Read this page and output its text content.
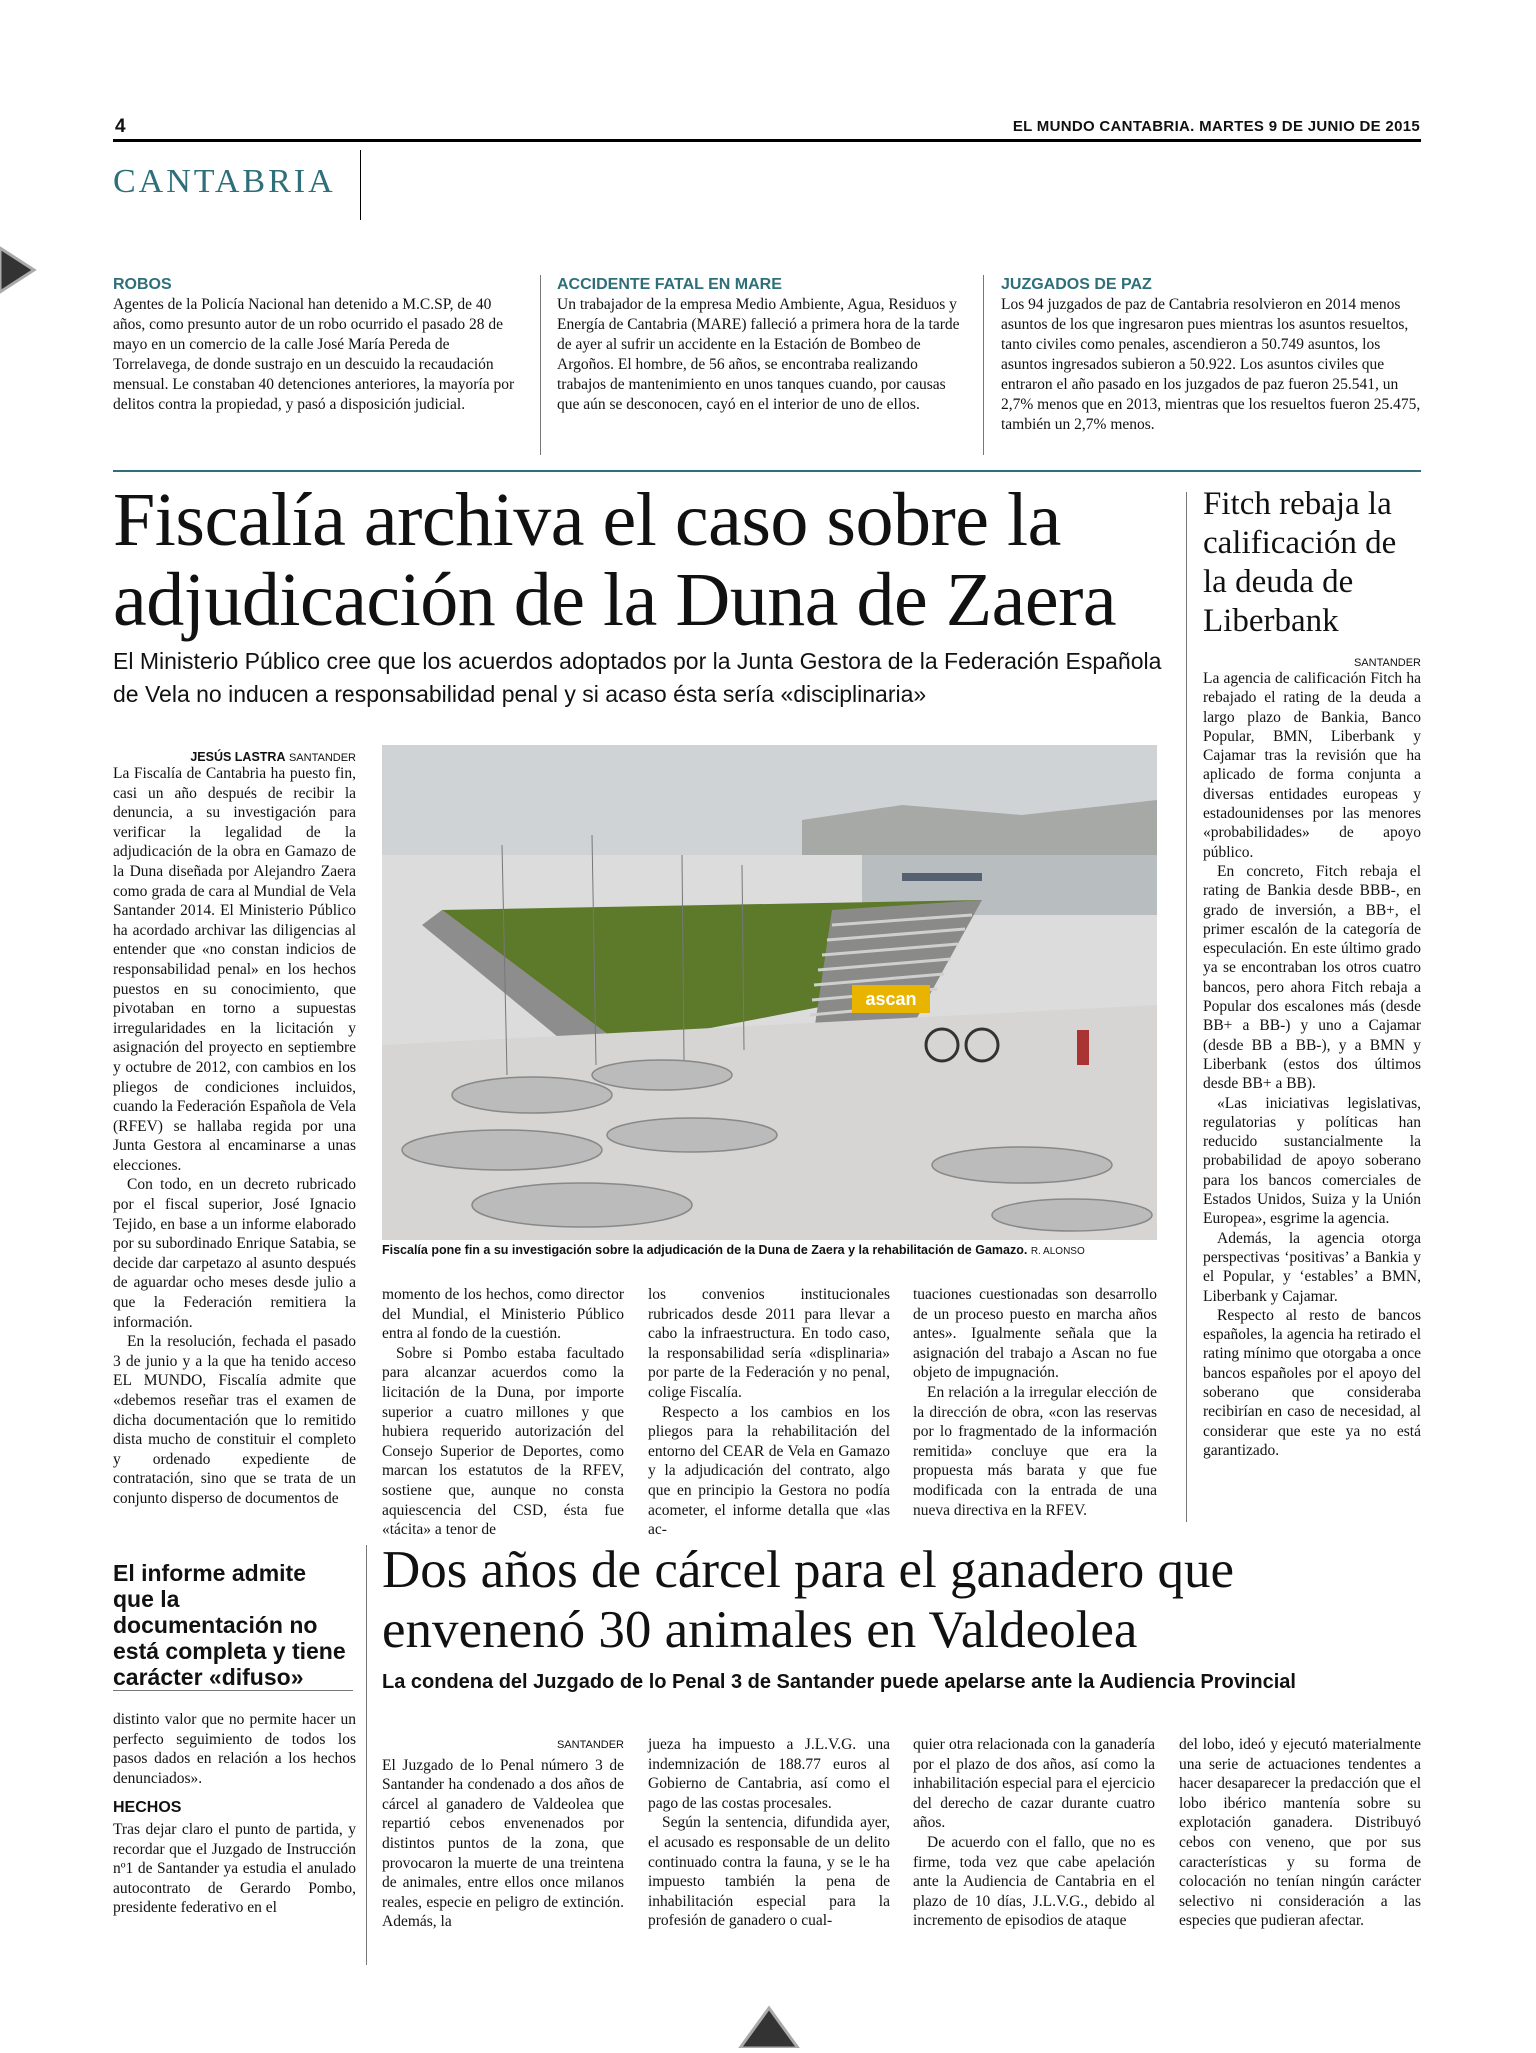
4	EL MUNDO CANTABRIA. MARTES 9 DE JUNIO DE 2015
CANTABRIA
ROBOS

Agentes de la Policía Nacional han detenido a M.C.SP, de 40 años, como presunto autor de un robo ocurrido el pasado 28 de mayo en un comercio de la calle José María Pereda de Torrelavega, de donde sustrajo en un descuido la recaudación mensual. Le constaban 40 detenciones anteriores, la mayoría por delitos contra la propiedad, y pasó a disposición judicial.

ACCIDENTE FATAL EN MARE

Un trabajador de la empresa Medio Ambiente, Agua, Residuos y Energía de Cantabria (MARE) falleció a primera hora de la tarde de ayer al sufrir un accidente en la Estación de Bombeo de Argoños. El hombre, de 56 años, se encontraba realizando trabajos de mantenimiento en unos tanques cuando, por causas que aún se desconocen, cayó en el interior de uno de ellos.

JUZGADOS DE PAZ

Los 94 juzgados de paz de Cantabria resolvieron en 2014 menos asuntos de los que ingresaron pues mientras los asuntos resueltos, tanto civiles como penales, ascendieron a 50.749 asuntos, los asuntos ingresados subieron a 50.922. Los asuntos civiles que entraron el año pasado en los juzgados de paz fueron 25.541, un 2,7% menos que en 2013, mientras que los resueltos fueron 25.475, también un 2,7% menos.

Fiscalía archiva el caso sobre la adjudicación de la Duna de Zaera
El Ministerio Público cree que los acuerdos adoptados por la Junta Gestora de la Federación Española de Vela no inducen a responsabilidad penal y si acaso ésta sería «disciplinaria»
JESÚS LASTRA SANTANDER

La Fiscalía de Cantabria ha puesto fin, casi un año después de recibir la denuncia, a su investigación para verificar la legalidad de la adjudicación de la obra en Gamazo de la Duna diseñada por Alejandro Zaera como grada de cara al Mundial de Vela Santander 2014. El Ministerio Público ha acordado archivar las diligencias al entender que «no constan indicios de responsabilidad penal» en los hechos puestos en su conocimiento, que pivotaban en torno a supuestas irregularidades en la licitación y asignación del proyecto en septiembre y octubre de 2012, con cambios en los pliegos de condiciones incluidos, cuando la Federación Española de Vela (RFEV) se hallaba regida por una Junta Gestora al encaminarse a unas elecciones.

Con todo, en un decreto rubricado por el fiscal superior, José Ignacio Tejido, en base a un informe elaborado por su subordinado Enrique Satabia, se decide dar carpetazo al asunto después de aguardar ocho meses desde julio a que la Federación remitiera la información.

En la resolución, fechada el pasado 3 de junio y a la que ha tenido acceso EL MUNDO, Fiscalía admite que «debemos reseñar tras el examen de dicha documentación que lo remitido dista mucho de constituir el completo y ordenado expediente de contratación, sino que se trata de un conjunto disperso de documentos de

ascan
Fiscalía pone fin a su investigación sobre la adjudicación de la Duna de Zaera y la rehabilitación de Gamazo. R. ALONSO

momento de los hechos, como director del Mundial, el Ministerio Público entra al fondo de la cuestión.

Sobre si Pombo estaba facultado para alcanzar acuerdos como la licitación de la Duna, por importe superior a cuatro millones y que hubiera requerido autorización del Consejo Superior de Deportes, como marcan los estatutos de la RFEV, sostiene que, aunque no consta aquiescencia del CSD, ésta fue «tácita» a tenor de

los convenios institucionales rubricados desde 2011 para llevar a cabo la infraestructura. En todo caso, la responsabilidad sería «displinaria» por parte de la Federación y no penal, colige Fiscalía.

Respecto a los cambios en los pliegos para la rehabilitación del entorno del CEAR de Vela en Gamazo y la adjudicación del contrato, algo que en principio la Gestora no podía acometer, el informe detalla que «las ac-

tuaciones cuestionadas son desarrollo de un proceso puesto en marcha años antes». Igualmente señala que la asignación del trabajo a Ascan no fue objeto de impugnación.

En relación a la irregular elección de la dirección de obra, «con las reservas por lo fragmentado de la información remitida» concluye que era la propuesta más barata y que fue modificada con la entrada de una nueva directiva en la RFEV.

Fitch rebaja la calificación de la deuda de Liberbank
SANTANDER

La agencia de calificación Fitch ha rebajado el rating de la deuda a largo plazo de Bankia, Banco Popular, BMN, Liberbank y Cajamar tras la revisión que ha aplicado de forma conjunta a diversas entidades europeas y estadounidenses por las menores «probabilidades» de apoyo público.

En concreto, Fitch rebaja el rating de Bankia desde BBB-, en grado de inversión, a BB+, el primer escalón de la categoría de especulación. En este último grado ya se encontraban los otros cuatro bancos, pero ahora Fitch rebaja a Popular dos escalones más (desde BB+ a BB-) y uno a Cajamar (desde BB a BB-), y a BMN y Liberbank (estos dos últimos desde BB+ a BB).

«Las iniciativas legislativas, regulatorias y políticas han reducido sustancialmente la probabilidad de apoyo soberano para los bancos comerciales de Estados Unidos, Suiza y la Unión Europea», esgrime la agencia.

Además, la agencia otorga perspectivas ‘positivas’ a Bankia y el Popular, y ‘estables’ a BMN, Liberbank y Cajamar.

Respecto al resto de bancos españoles, la agencia ha retirado el rating mínimo que otorgaba a once bancos españoles por el apoyo del soberano que consideraba recibirían en caso de necesidad, al considerar que este ya no está garantizado.

El informe admite que la documentación no está completa y tiene carácter «difuso»

distinto valor que no permite hacer un perfecto seguimiento de todos los pasos dados en relación a los hechos denunciados».

HECHOS

Tras dejar claro el punto de partida, y recordar que el Juzgado de Instrucción nº1 de Santander ya estudia el anulado autocontrato de Gerardo Pombo, presidente federativo en el

Dos años de cárcel para el ganadero que envenenó 30 animales en Valdeolea
La condena del Juzgado de lo Penal 3 de Santander puede apelarse ante la Audiencia Provincial
SANTANDER

El Juzgado de lo Penal número 3 de Santander ha condenado a dos años de cárcel al ganadero de Valdeolea que repartió cebos envenenados por distintos puntos de la zona, que provocaron la muerte de una treintena de animales, entre ellos once milanos reales, especie en peligro de extinción. Además, la

jueza ha impuesto a J.L.V.G. una indemnización de 188.77 euros al Gobierno de Cantabria, así como el pago de las costas procesales.

Según la sentencia, difundida ayer, el acusado es responsable de un delito continuado contra la fauna, y se le ha impuesto también la pena de inhabilitación especial para la profesión de ganadero o cual-

quier otra relacionada con la ganadería por el plazo de dos años, así como la inhabilitación especial para el ejercicio del derecho de cazar durante cuatro años.

De acuerdo con el fallo, que no es firme, toda vez que cabe apelación ante la Audiencia de Cantabria en el plazo de 10 días, J.L.V.G., debido al incremento de episodios de ataque

del lobo, ideó y ejecutó materialmente una serie de actuaciones tendentes a hacer desaparecer la predacción que el lobo ibérico mantenía sobre su explotación ganadera. Distribuyó cebos con veneno, que por sus características y su forma de colocación no tenían ningún carácter selectivo ni consideración a las especies que pudieran afectar.
